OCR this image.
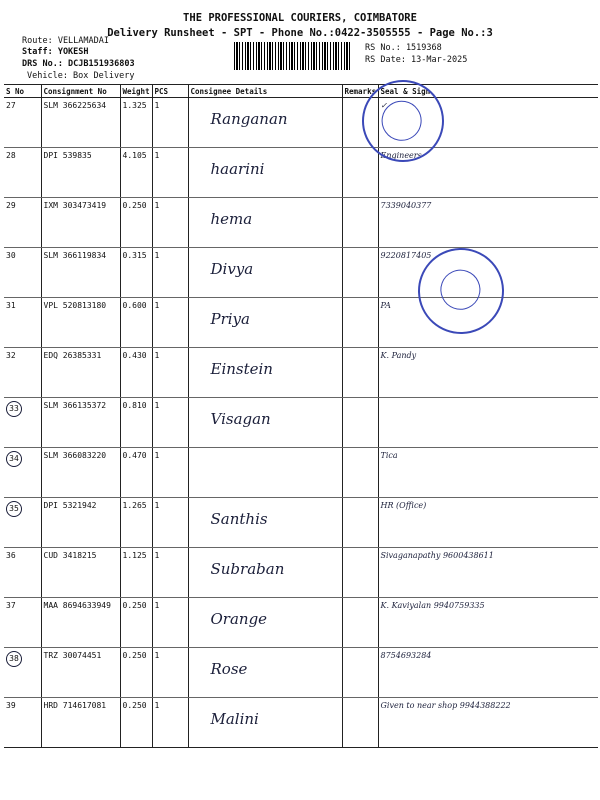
THE PROFESSIONAL COURIERS, COIMBATORE
Delivery Runsheet - SPT - Phone No.:0422-3505555 - Page No.:3
Route: VELLAMADAI
Staff: YOKESH
DRS No.: DCJB151936803
Vehicle: Box Delivery
RS No.: 1519368
RS Date: 13-Mar-2025
S No	Consignment No	Weight	PCS	Consignee Details	Remarks	Seal & Sign
27	SLM 366225634	1.325	1	Ranganan		✓
28	DPI 539835	4.105	1	haarini		Engineers
29	IXM 303473419	0.250	1	hema		7339040377
30	SLM 366119834	0.315	1	Divya		9220817405
31	VPL 520813180	0.600	1	Priya		PA
32	EDQ 26385331	0.430	1	Einstein		K. Pandy
33	SLM 366135372	0.810	1	Visagan		
34	SLM 366083220	0.470	1			Tica
35	DPI 5321942	1.265	1	Santhis		HR (Office)
36	CUD 3418215	1.125	1	Subraban		Sivaganapathy 9600438611
37	MAA 8694633949	0.250	1	Orange		K. Kaviyalan 9940759335
38	TRZ 30074451	0.250	1	Rose		8754693284
39	HRD 714617081	0.250	1	Malini		Given to near shop 9944388222
